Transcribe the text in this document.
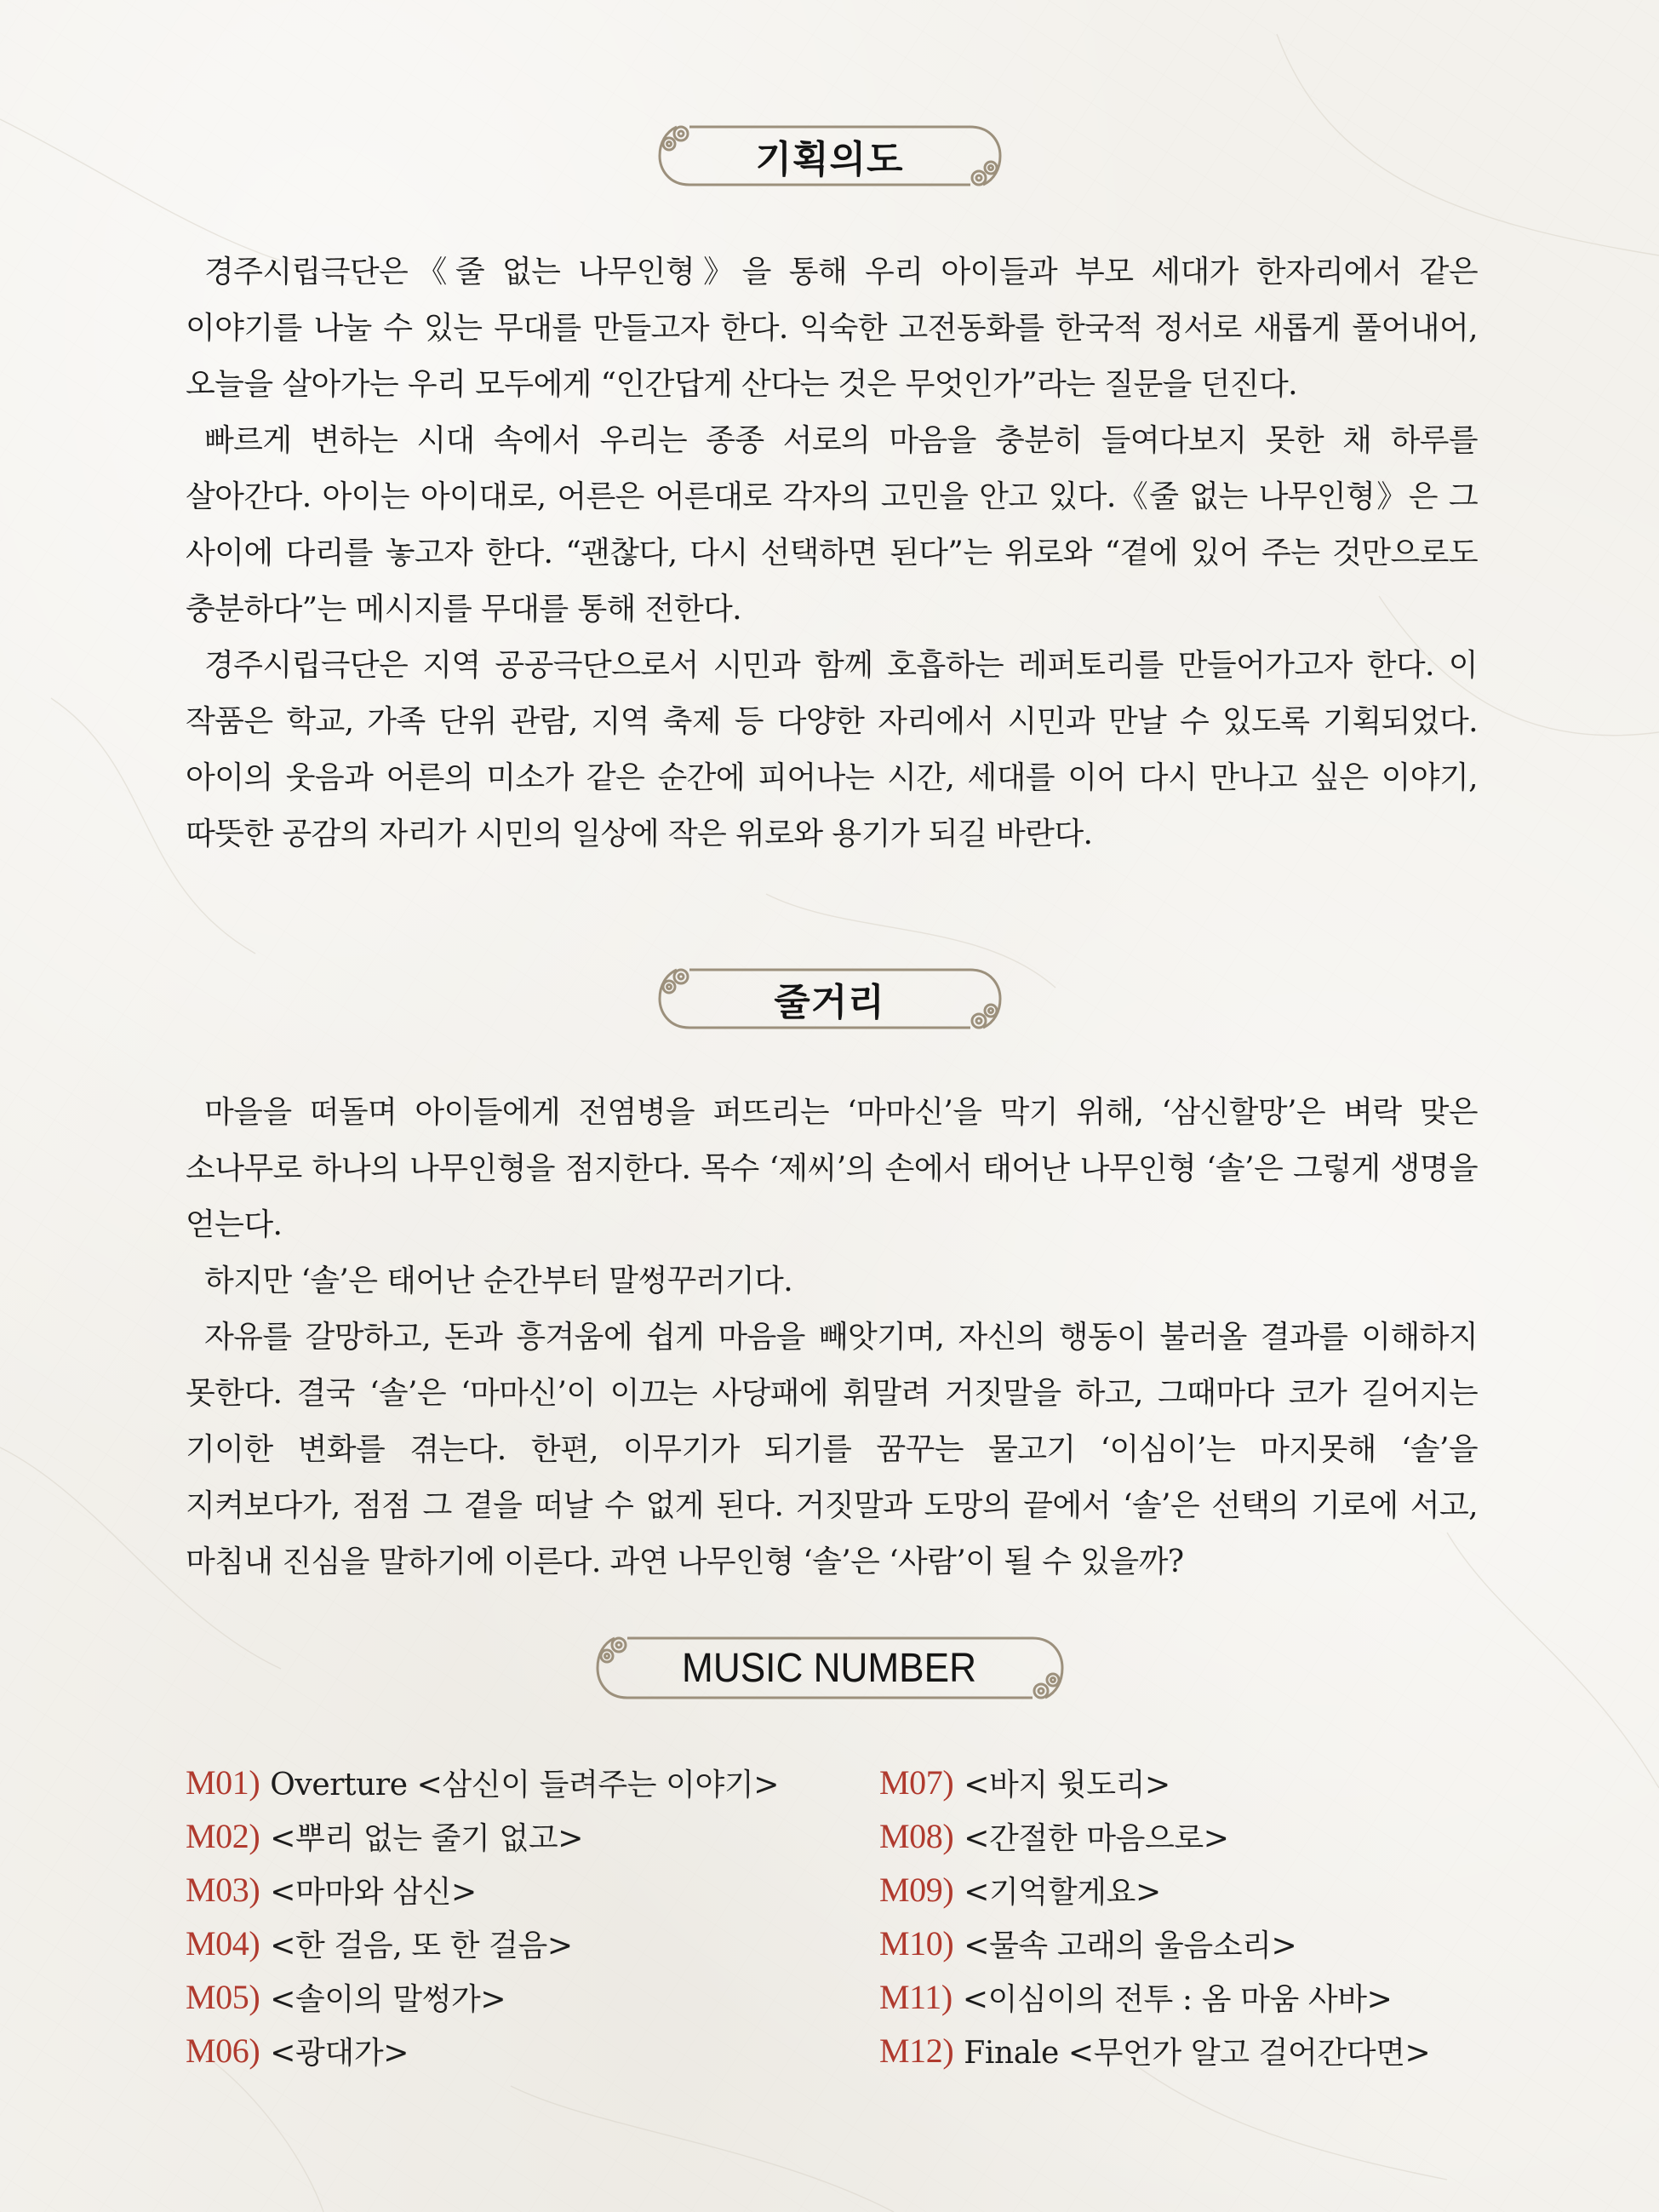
기획의도

경주시립극단은《줄 없는 나무인형》을 통해 우리 아이들과 부모 세대가 한자리에서 같은 이야기를 나눌 수 있는 무대를 만들고자 한다. 익숙한 고전동화를 한국적 정서로 새롭게 풀어내어, 오늘을 살아가는 우리 모두에게 “인간답게 산다는 것은 무엇인가”라는 질문을 던진다.

빠르게 변하는 시대 속에서 우리는 종종 서로의 마음을 충분히 들여다보지 못한 채 하루를 살아간다. 아이는 아이대로, 어른은 어른대로 각자의 고민을 안고 있다.《줄 없는 나무인형》은 그 사이에 다리를 놓고자 한다. “괜찮다, 다시 선택하면 된다”는 위로와 “곁에 있어 주는 것만으로도 충분하다”는 메시지를 무대를 통해 전한다.

경주시립극단은 지역 공공극단으로서 시민과 함께 호흡하는 레퍼토리를 만들어가고자 한다. 이 작품은 학교, 가족 단위 관람, 지역 축제 등 다양한 자리에서 시민과 만날 수 있도록 기획되었다. 아이의 웃음과 어른의 미소가 같은 순간에 피어나는 시간, 세대를 이어 다시 만나고 싶은 이야기, 따뜻한 공감의 자리가 시민의 일상에 작은 위로와 용기가 되길 바란다.

줄거리

마을을 떠돌며 아이들에게 전염병을 퍼뜨리는 ‘마마신’을 막기 위해, ‘삼신할망’은 벼락 맞은 소나무로 하나의 나무인형을 점지한다. 목수 ‘제씨’의 손에서 태어난 나무인형 ‘솔’은 그렇게 생명을 얻는다.

하지만 ‘솔’은 태어난 순간부터 말썽꾸러기다.

자유를 갈망하고, 돈과 흥겨움에 쉽게 마음을 빼앗기며, 자신의 행동이 불러올 결과를 이해하지 못한다. 결국 ‘솔’은 ‘마마신’이 이끄는 사당패에 휘말려 거짓말을 하고, 그때마다 코가 길어지는 기이한 변화를 겪는다. 한편, 이무기가 되기를 꿈꾸는 물고기 ‘이심이’는 마지못해 ‘솔’을 지켜보다가, 점점 그 곁을 떠날 수 없게 된다. 거짓말과 도망의 끝에서 ‘솔’은 선택의 기로에 서고, 마침내 진심을 말하기에 이른다. 과연 나무인형 ‘솔’은 ‘사람’이 될 수 있을까?

MUSIC NUMBER
M01) Overture <삼신이 들려주는 이야기>
M02) <뿌리 없는 줄기 없고>
M03) <마마와 삼신>
M04) <한 걸음, 또 한 걸음>
M05) <솔이의 말썽가>
M06) <광대가>
M07) <바지 윗도리>
M08) <간절한 마음으로>
M09) <기억할게요>
M10) <물속 고래의 울음소리>
M11) <이심이의 전투 : 옴 마움 사바>
M12) Finale <무언가 알고 걸어간다면>
